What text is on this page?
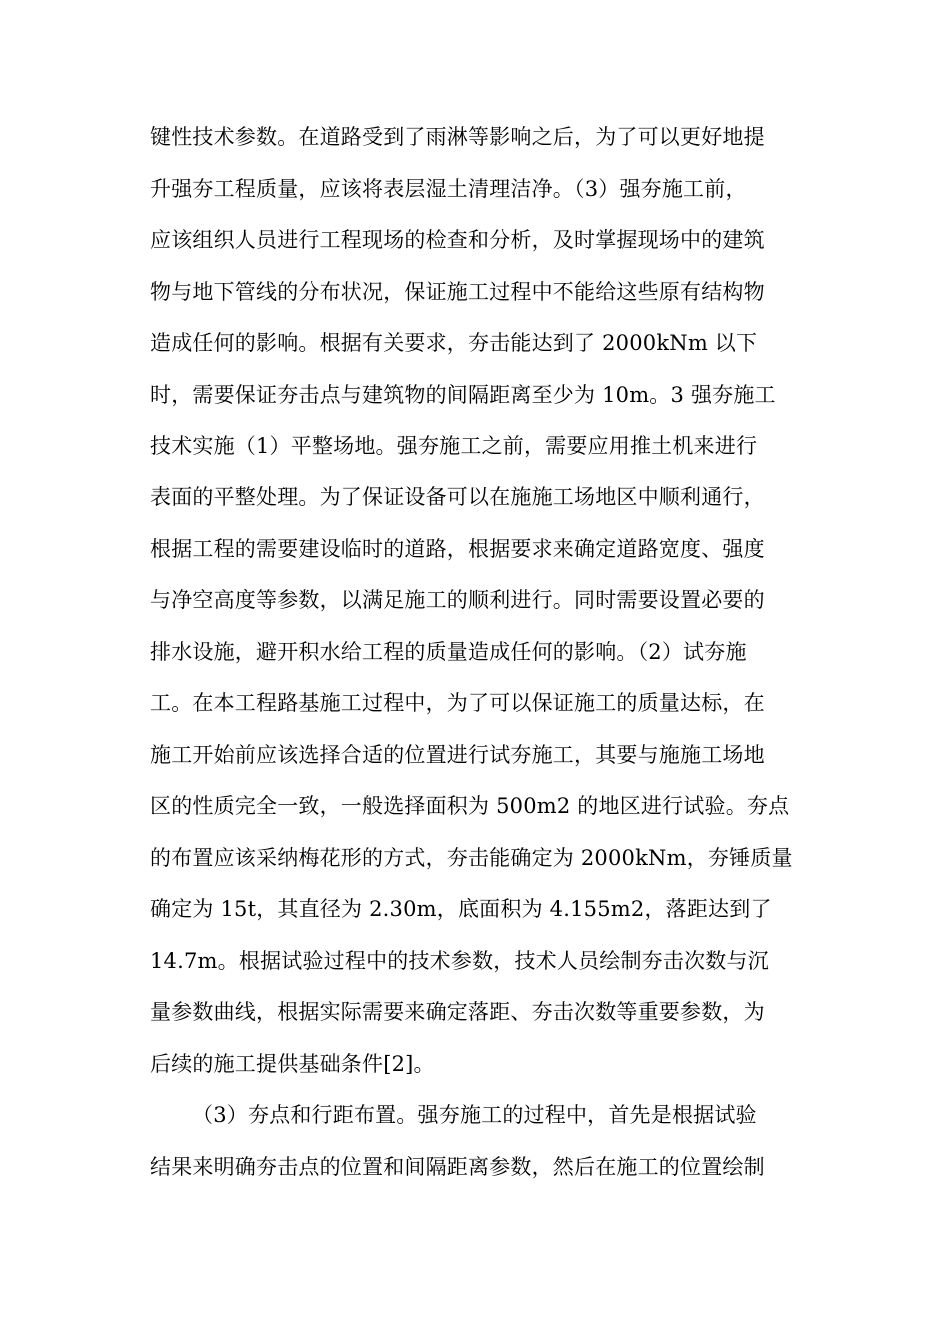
键性技术参数。在道路受到了雨淋等影响之后，为了可以更好地提
升强夯工程质量，应该将表层湿土清理洁净。（3）强夯施工前，
应该组织人员进行工程现场的检查和分析，及时掌握现场中的建筑
物与地下管线的分布状况，保证施工过程中不能给这些原有结构物
造成任何的影响。根据有关要求，夯击能达到了 2000kNm 以下
时，需要保证夯击点与建筑物的间隔距离至少为 10m。3 强夯施工
技术实施（1）平整场地。强夯施工之前，需要应用推土机来进行
表面的平整处理。为了保证设备可以在施施工场地区中顺利通行，
根据工程的需要建设临时的道路，根据要求来确定道路宽度、强度
与净空高度等参数，以满足施工的顺利进行。同时需要设置必要的
排水设施，避开积水给工程的质量造成任何的影响。（2）试夯施
工。在本工程路基施工过程中，为了可以保证施工的质量达标，在
施工开始前应该选择合适的位置进行试夯施工，其要与施施工场地
区的性质完全一致，一般选择面积为 500m2 的地区进行试验。夯点
的布置应该采纳梅花形的方式，夯击能确定为 2000kNm，夯锤质量
确定为 15t，其直径为 2.30m，底面积为 4.155m2，落距达到了
14.7m。根据试验过程中的技术参数，技术人员绘制夯击次数与沉
量参数曲线，根据实际需要来确定落距、夯击次数等重要参数，为
后续的施工提供基础条件[2]。
（3）夯点和行距布置。强夯施工的过程中，首先是根据试验
结果来明确夯击点的位置和间隔距离参数，然后在施工的位置绘制
